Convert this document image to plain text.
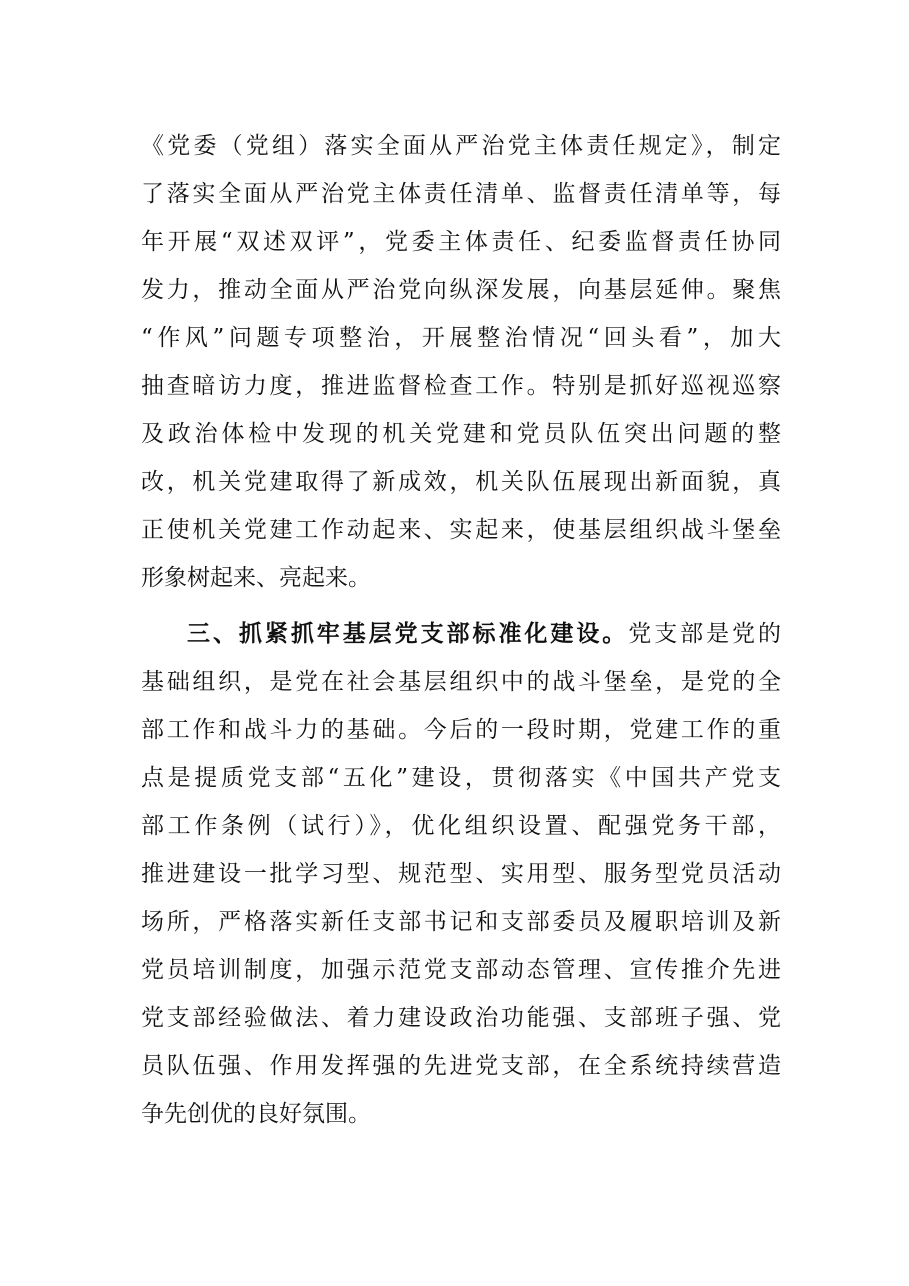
《党委（党组）落实全面从严治党主体责任规定》，制定
了落实全面从严治党主体责任清单、监督责任清单等，每
年开展“双述双评”，党委主体责任、纪委监督责任协同
发力，推动全面从严治党向纵深发展，向基层延伸。聚焦
“作风”问题专项整治，开展整治情况“回头看”，加大
抽查暗访力度，推进监督检查工作。特别是抓好巡视巡察
及政治体检中发现的机关党建和党员队伍突出问题的整
改，机关党建取得了新成效，机关队伍展现出新面貌，真
正使机关党建工作动起来、实起来，使基层组织战斗堡垒
形象树起来、亮起来。
三、抓紧抓牢基层党支部标准化建设。党支部是党的
基础组织，是党在社会基层组织中的战斗堡垒，是党的全
部工作和战斗力的基础。今后的一段时期，党建工作的重
点是提质党支部“五化”建设，贯彻落实《中国共产党支
部工作条例（试行）》，优化组织设置、配强党务干部，
推进建设一批学习型、规范型、实用型、服务型党员活动
场所，严格落实新任支部书记和支部委员及履职培训及新
党员培训制度，加强示范党支部动态管理、宣传推介先进
党支部经验做法、着力建设政治功能强、支部班子强、党
员队伍强、作用发挥强的先进党支部，在全系统持续营造
争先创优的良好氛围。
